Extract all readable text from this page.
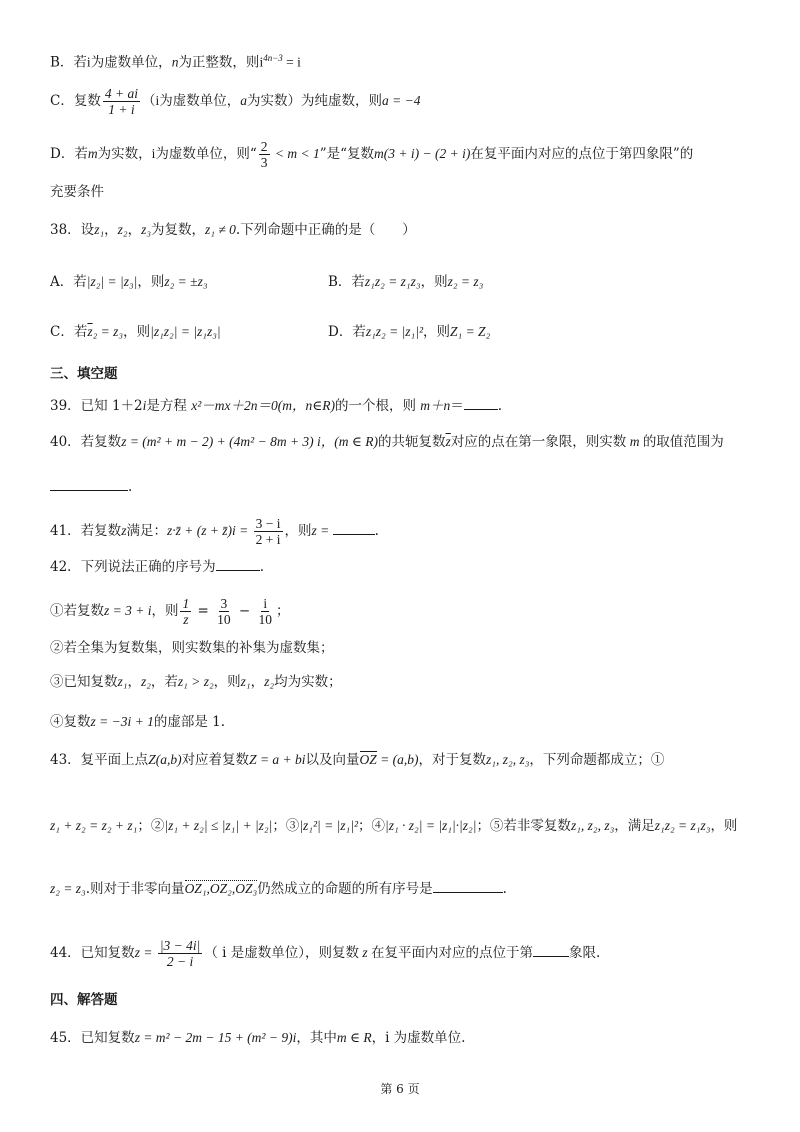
B．若i为虚数单位，n为正整数，则$i^{4n-3} = i$
C．复数 $\frac{4 + ai}{1 + i} (i$为虚数单位，a为实数）为纯虚数，则a = −4
D．若m为实数，i为虚数单位，则“ $\frac{2}{3} < m < 1$”是“复数m(3 + i) − (2 + i)在复平面内对应的点位于第四象限”的
充要条件
38．设z₁，z₂，z₃为复数，z₁ ≠ 0.下列命题中正确的是（　　）
A．若|z₂| = |z₃|，则z₂ = ±z₃	B．若z₁z₂ = z₁z₃，则z₂ = z₃
C．若$\overline{z}_2 = z_3$，则|z₁z₂| = |z₁z₃|	D．若z₁z₂ = |z₁|²，则Z₁ = Z₂
三、填空题
39．已知 1＋2i是方程 x²－mx＋2n＝0(m，n∈R)的一个根，则 m＋n＝	.
40．若复数z = (m² + m − 2) + (4m² − 8m + 3) i，(m ∈ R)的共轭复数$\overline{z}$对应的点在第一象限，则实数 m 的取值范围为
.
41．若复数z满足：z·z̄ + (z + z̄)i = $\frac{3 - i}{2 + i}$ ，则z =	.
42．下列说法正确的序号为	.
①若复数z = 3 + i，则 $\frac{1}{z} = \frac{3}{10} - \frac{i}{10}$ ；
②若全集为复数集，则实数集的补集为虚数集；
③已知复数z₁，z₂，若z₁ > z₂，则z₁，z₂均为实数；
④复数z = −3i + 1的虚部是 1.
43．复平面上点Z(a,b)对应着复数Z = a + bi以及向量OZ = (a,b)，对于复数z₁, z₂, z₃，下列命题都成立；①
z₁ + z₂ = z₂ + z₁；②|z₁ + z₂| ≤ |z₁| + |z₂|；③|z₁²| = |z₁|²；④|z₁ · z₂| = |z₁|·|z₂|；⑤若非零复数z₁, z₂, z₃，满足z₁z₂ = z₁z₃，则
z₂ = z₃.则对于非零向量OZ₁,OZ₂,OZ₃仍然成立的命题的所有序号是	.
44．已知复数$z = \frac{|3 - 4i|}{2 - i}$ （ i 是虚数单位），则复数 z 在复平面内对应的点位于第	象限.
四、解答题
45．已知复数z = m² − 2m − 15 + (m² − 9)i，其中m ∈ R，i 为虚数单位.
第 6 页
